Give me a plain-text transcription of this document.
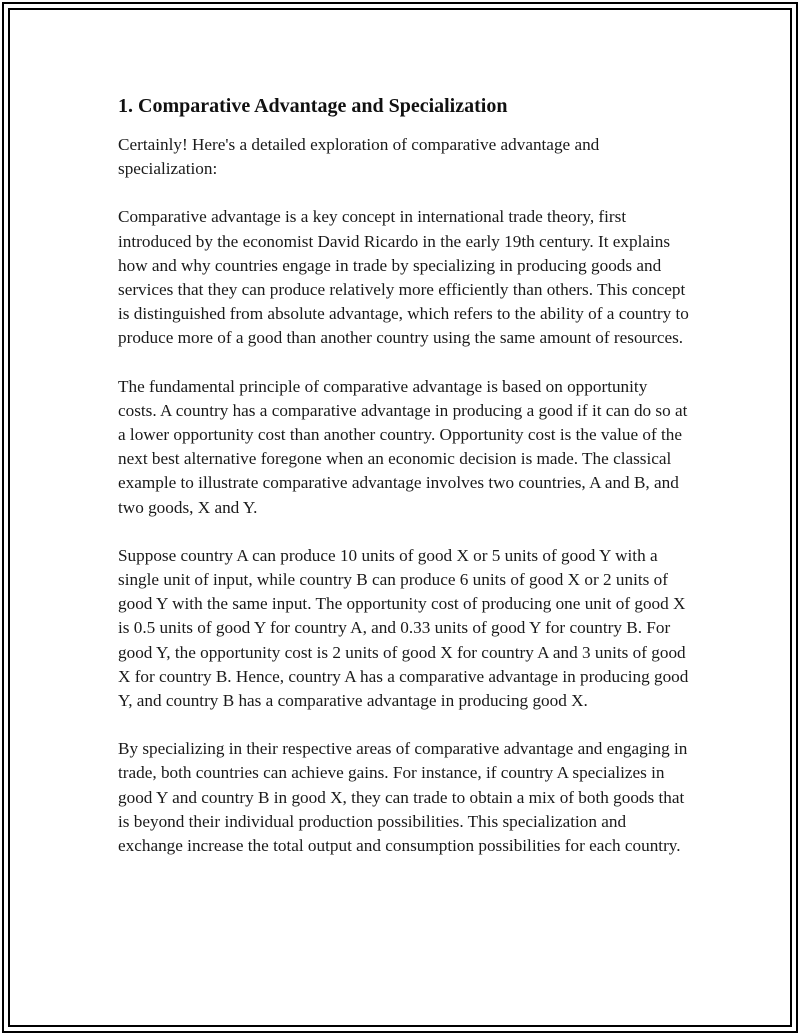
1. Comparative Advantage and Specialization

Certainly! Here's a detailed exploration of comparative advantage and specialization:

Comparative advantage is a key concept in international trade theory, first introduced by the economist David Ricardo in the early 19th century. It explains how and why countries engage in trade by specializing in producing goods and services that they can produce relatively more efficiently than others. This concept is distinguished from absolute advantage, which refers to the ability of a country to produce more of a good than another country using the same amount of resources.

The fundamental principle of comparative advantage is based on opportunity costs. A country has a comparative advantage in producing a good if it can do so at a lower opportunity cost than another country. Opportunity cost is the value of the next best alternative foregone when an economic decision is made. The classical example to illustrate comparative advantage involves two countries, A and B, and two goods, X and Y.

Suppose country A can produce 10 units of good X or 5 units of good Y with a single unit of input, while country B can produce 6 units of good X or 2 units of good Y with the same input. The opportunity cost of producing one unit of good X is 0.5 units of good Y for country A, and 0.33 units of good Y for country B. For good Y, the opportunity cost is 2 units of good X for country A and 3 units of good X for country B. Hence, country A has a comparative advantage in producing good Y, and country B has a comparative advantage in producing good X.

By specializing in their respective areas of comparative advantage and engaging in trade, both countries can achieve gains. For instance, if country A specializes in good Y and country B in good X, they can trade to obtain a mix of both goods that is beyond their individual production possibilities. This specialization and exchange increase the total output and consumption possibilities for each country.
